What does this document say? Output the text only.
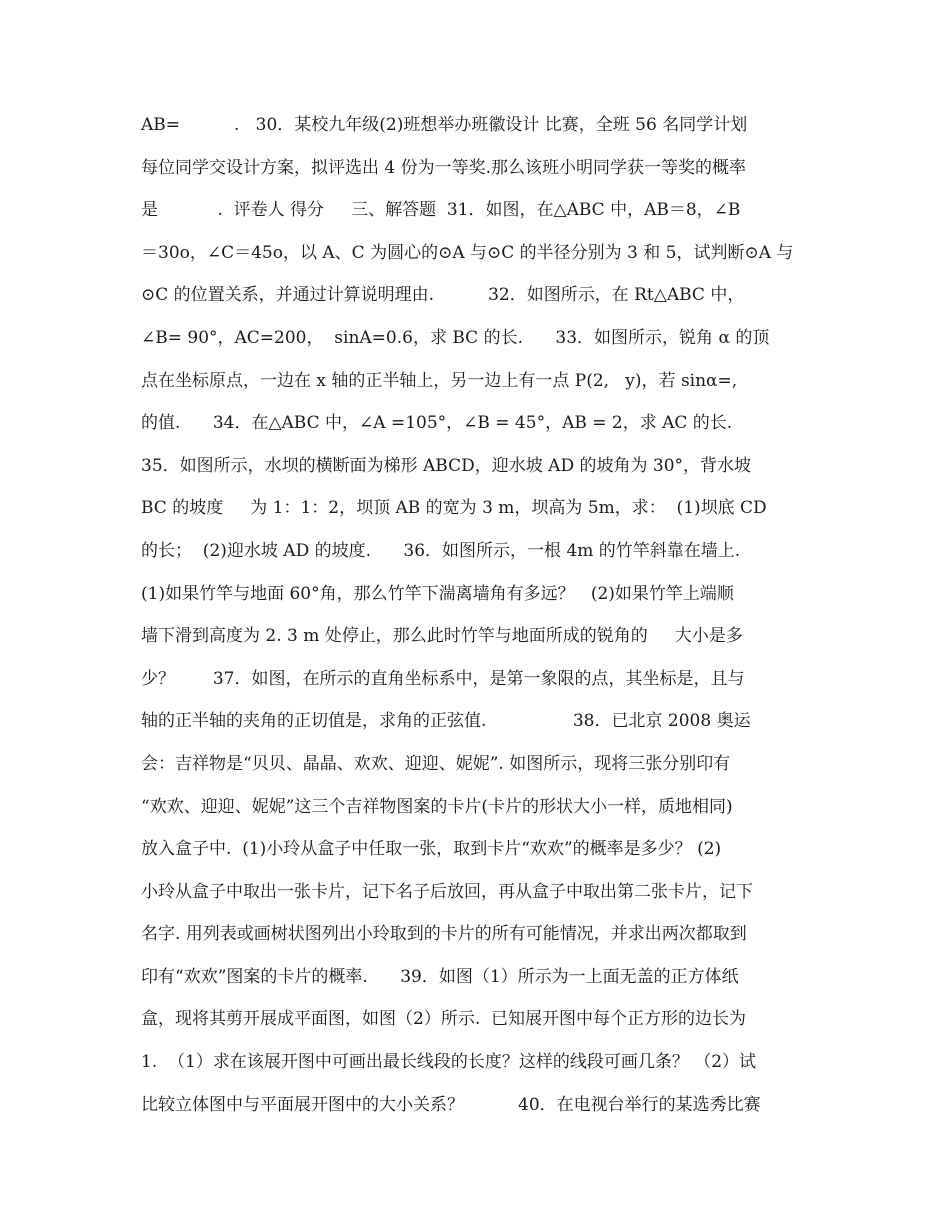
AB=          .   30．某校九年级(2)班想举办班徽设计 比赛，全班 56 名同学计划
每位同学交设计方案，拟评选出 4 份为一等奖.那么该班小明同学获一等奖的概率
是           .  评卷人 得分     三、解答题  31．如图，在△ABC 中，AB＝8，∠B
＝30o，∠C＝45o，以 A、C 为圆心的⊙A 与⊙C 的半径分别为 3 和 5，试判断⊙A 与
⊙C 的位置关系，并通过计算说明理由.          32．如图所示，在 Rt△ABC 中，
∠B= 90°，AC=200，  sinA=0.6，求 BC 的长.      33．如图所示，锐角 α 的顶
点在坐标原点，一边在 x 轴的正半轴上，另一边上有一点 P(2,   y)，若 sinα=,
的值.      34．在△ABC 中，∠A =105°，∠B = 45°，AB = 2，求 AC 的长.
35．如图所示，水坝的横断面为梯形 ABCD，迎水坡 AD 的坡角为 30°，背水坡
BC 的坡度     为 1：1：2，坝顶 AB 的宽为 3 m，坝高为 5m，求：  (1)坝底 CD
的长；  (2)迎水坡 AD 的坡度.      36．如图所示，一根 4m 的竹竿斜靠在墙上.
(1)如果竹竿与地面 60°角，那么竹竿下湍离墙角有多远？   (2)如果竹竿上端顺
墙下滑到高度为 2. 3 m 处停止，那么此时竹竿与地面所成的锐角的     大小是多
少？       37．如图，在所示的直角坐标系中，是第一象限的点，其坐标是，且与
轴的正半轴的夹角的正切值是，求角的正弦值.                38．已北京 2008 奥运
会：吉祥物是“贝贝、晶晶、欢欢、迎迎、妮妮”. 如图所示，现将三张分别印有
“欢欢、迎迎、妮妮”这三个吉祥物图案的卡片(卡片的形状大小一样，质地相同)
放入盒子中.  (1)小玲从盒子中任取一张，取到卡片“欢欢”的概率是多少？ (2)
小玲从盒子中取出一张卡片，记下名子后放回，再从盒子中取出第二张卡片，记下
名字. 用列表或画树状图列出小玲取到的卡片的所有可能情况，并求出两次都取到
印有“欢欢”图案的卡片的概率.      39．如图（1）所示为一上面无盖的正方体纸
盒，现将其剪开展成平面图，如图（2）所示.  已知展开图中每个正方形的边长为
1.  （1）求在该展开图中可画出最长线段的长度？这样的线段可画几条？ （2）试
比较立体图中与平面展开图中的大小关系？          40．在电视台举行的某选秀比赛
